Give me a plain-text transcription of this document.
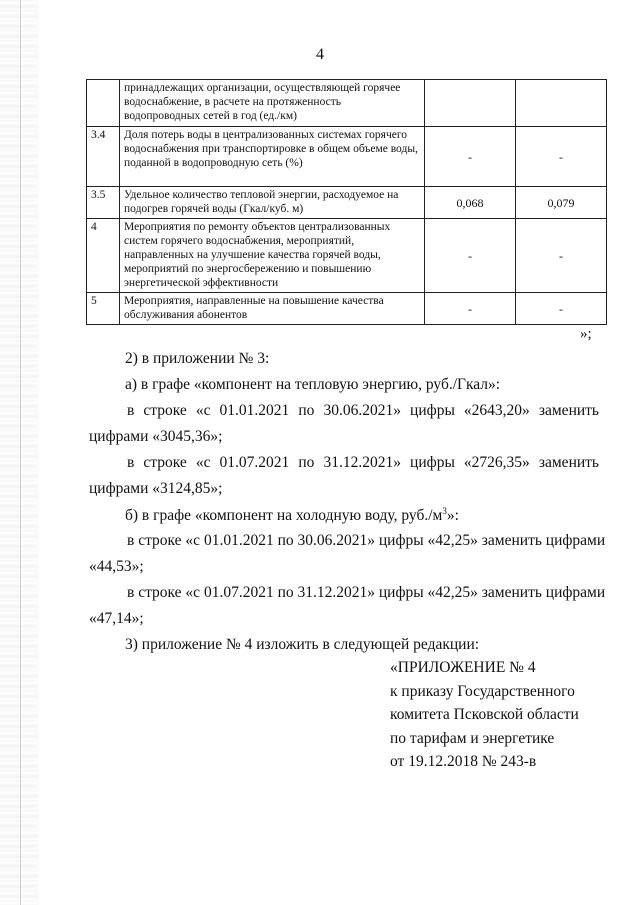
4
	принадлежащих организации, осуществляющей горячее водоснабжение, в расчете на протяженность водопроводных сетей в год (ед./км)		
3.4	Доля потерь воды в централизованных системах горячего водоснабжения при транспортировке в общем объеме воды, поданной в водопроводную сеть (%)	-	-
3.5	Удельное количество тепловой энергии, расходуемое на подогрев горячей воды (Гкал/куб. м)	0,068	0,079
4	Мероприятия по ремонту объектов централизованных систем горячего водоснабжения, мероприятий, направленных на улучшение качества горячей воды, мероприятий по энергосбережению и повышению энергетической эффективности	-	-
5	Мероприятия, направленные на повышение качества обслуживания абонентов	-	-
»;
2) в приложении № 3:
а) в графе «компонент на тепловую энергию, руб./Гкал»:
в строке «с 01.01.2021 по 30.06.2021» цифры «2643,20» заменить
цифрами «3045,36»;
в строке «с 01.07.2021 по 31.12.2021» цифры «2726,35» заменить
цифрами «3124,85»;
б) в графе «компонент на холодную воду, $руб./м^3$»:
в строке «с 01.01.2021 по 30.06.2021» цифры «42,25» заменить цифрами
«44,53»;
в строке «с 01.07.2021 по 31.12.2021» цифры «42,25» заменить цифрами
«47,14»;
3) приложение № 4 изложить в следующей редакции:
«ПРИЛОЖЕНИЕ № 4
к приказу Государственного
комитета Псковской области
по тарифам и энергетике
от 19.12.2018 № 243-в
